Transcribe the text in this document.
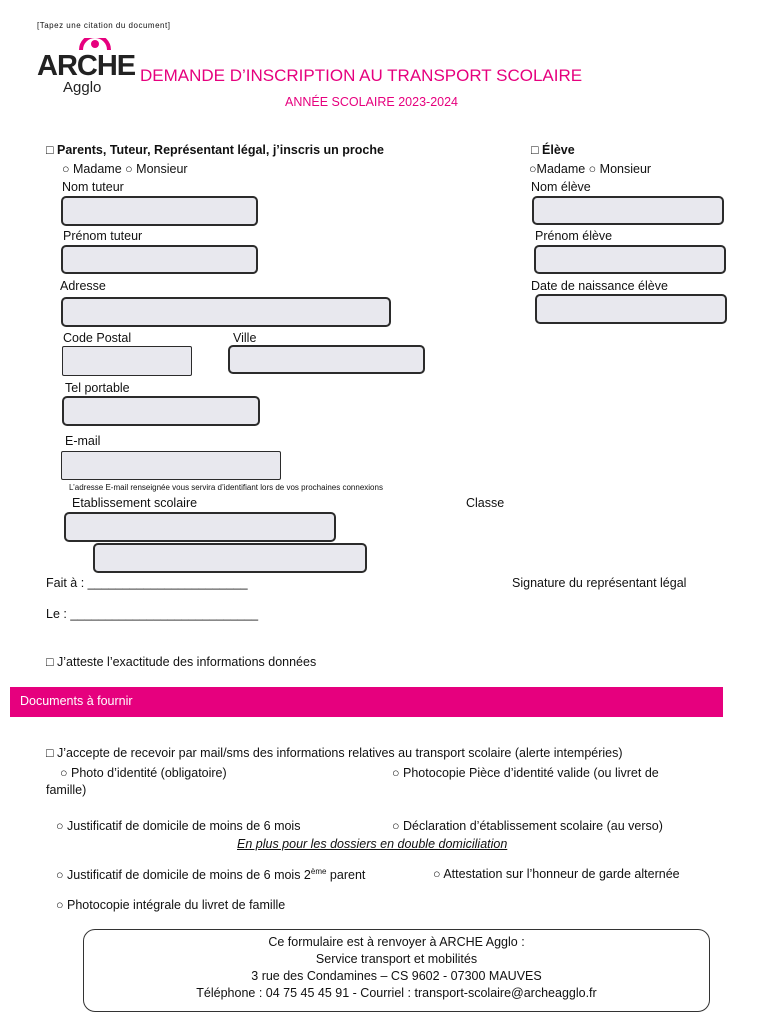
[Tapez une citation du document]
ARCHE
Agglo
DEMANDE D’INSCRIPTION AU TRANSPORT SCOLAIRE
ANNÉE SCOLAIRE 2023-2024
□ Parents, Tuteur, Représentant légal, j’inscris un proche
○ Madame ○ Monsieur
Nom tuteur
Prénom tuteur
Adresse
Code Postal	Ville
Tel portable
E-mail
L’adresse E-mail renseignée vous servira d’identifiant lors de vos prochaines connexions
Etablissement scolaire	Classe
□ Élève
○Madame ○ Monsieur
Nom élève
Prénom élève
Date de naissance élève
Fait à : _______________________	Signature du représentant légal
Le : ___________________________
□ J’atteste l’exactitude des informations données
Documents à fournir
□ J’accepte de recevoir par mail/sms des informations relatives au transport scolaire (alerte intempéries)
○ Photo d’identité (obligatoire)	○ Photocopie Pièce d’identité valide (ou livret de
famille)
○ Justificatif de domicile de moins de 6 mois	○ Déclaration d’établissement scolaire (au verso)
En plus pour les dossiers en double domiciliation
○ Justificatif de domicile de moins de 6 mois 2ème parent	○ Attestation sur l’honneur de garde alternée
○ Photocopie intégrale du livret de famille
Ce formulaire est à renvoyer à ARCHE Agglo :
Service transport et mobilités
3 rue des Condamines – CS 9602 - 07300 MAUVES
Téléphone : 04 75 45 45 91 - Courriel : transport-scolaire@archeagglo.fr
